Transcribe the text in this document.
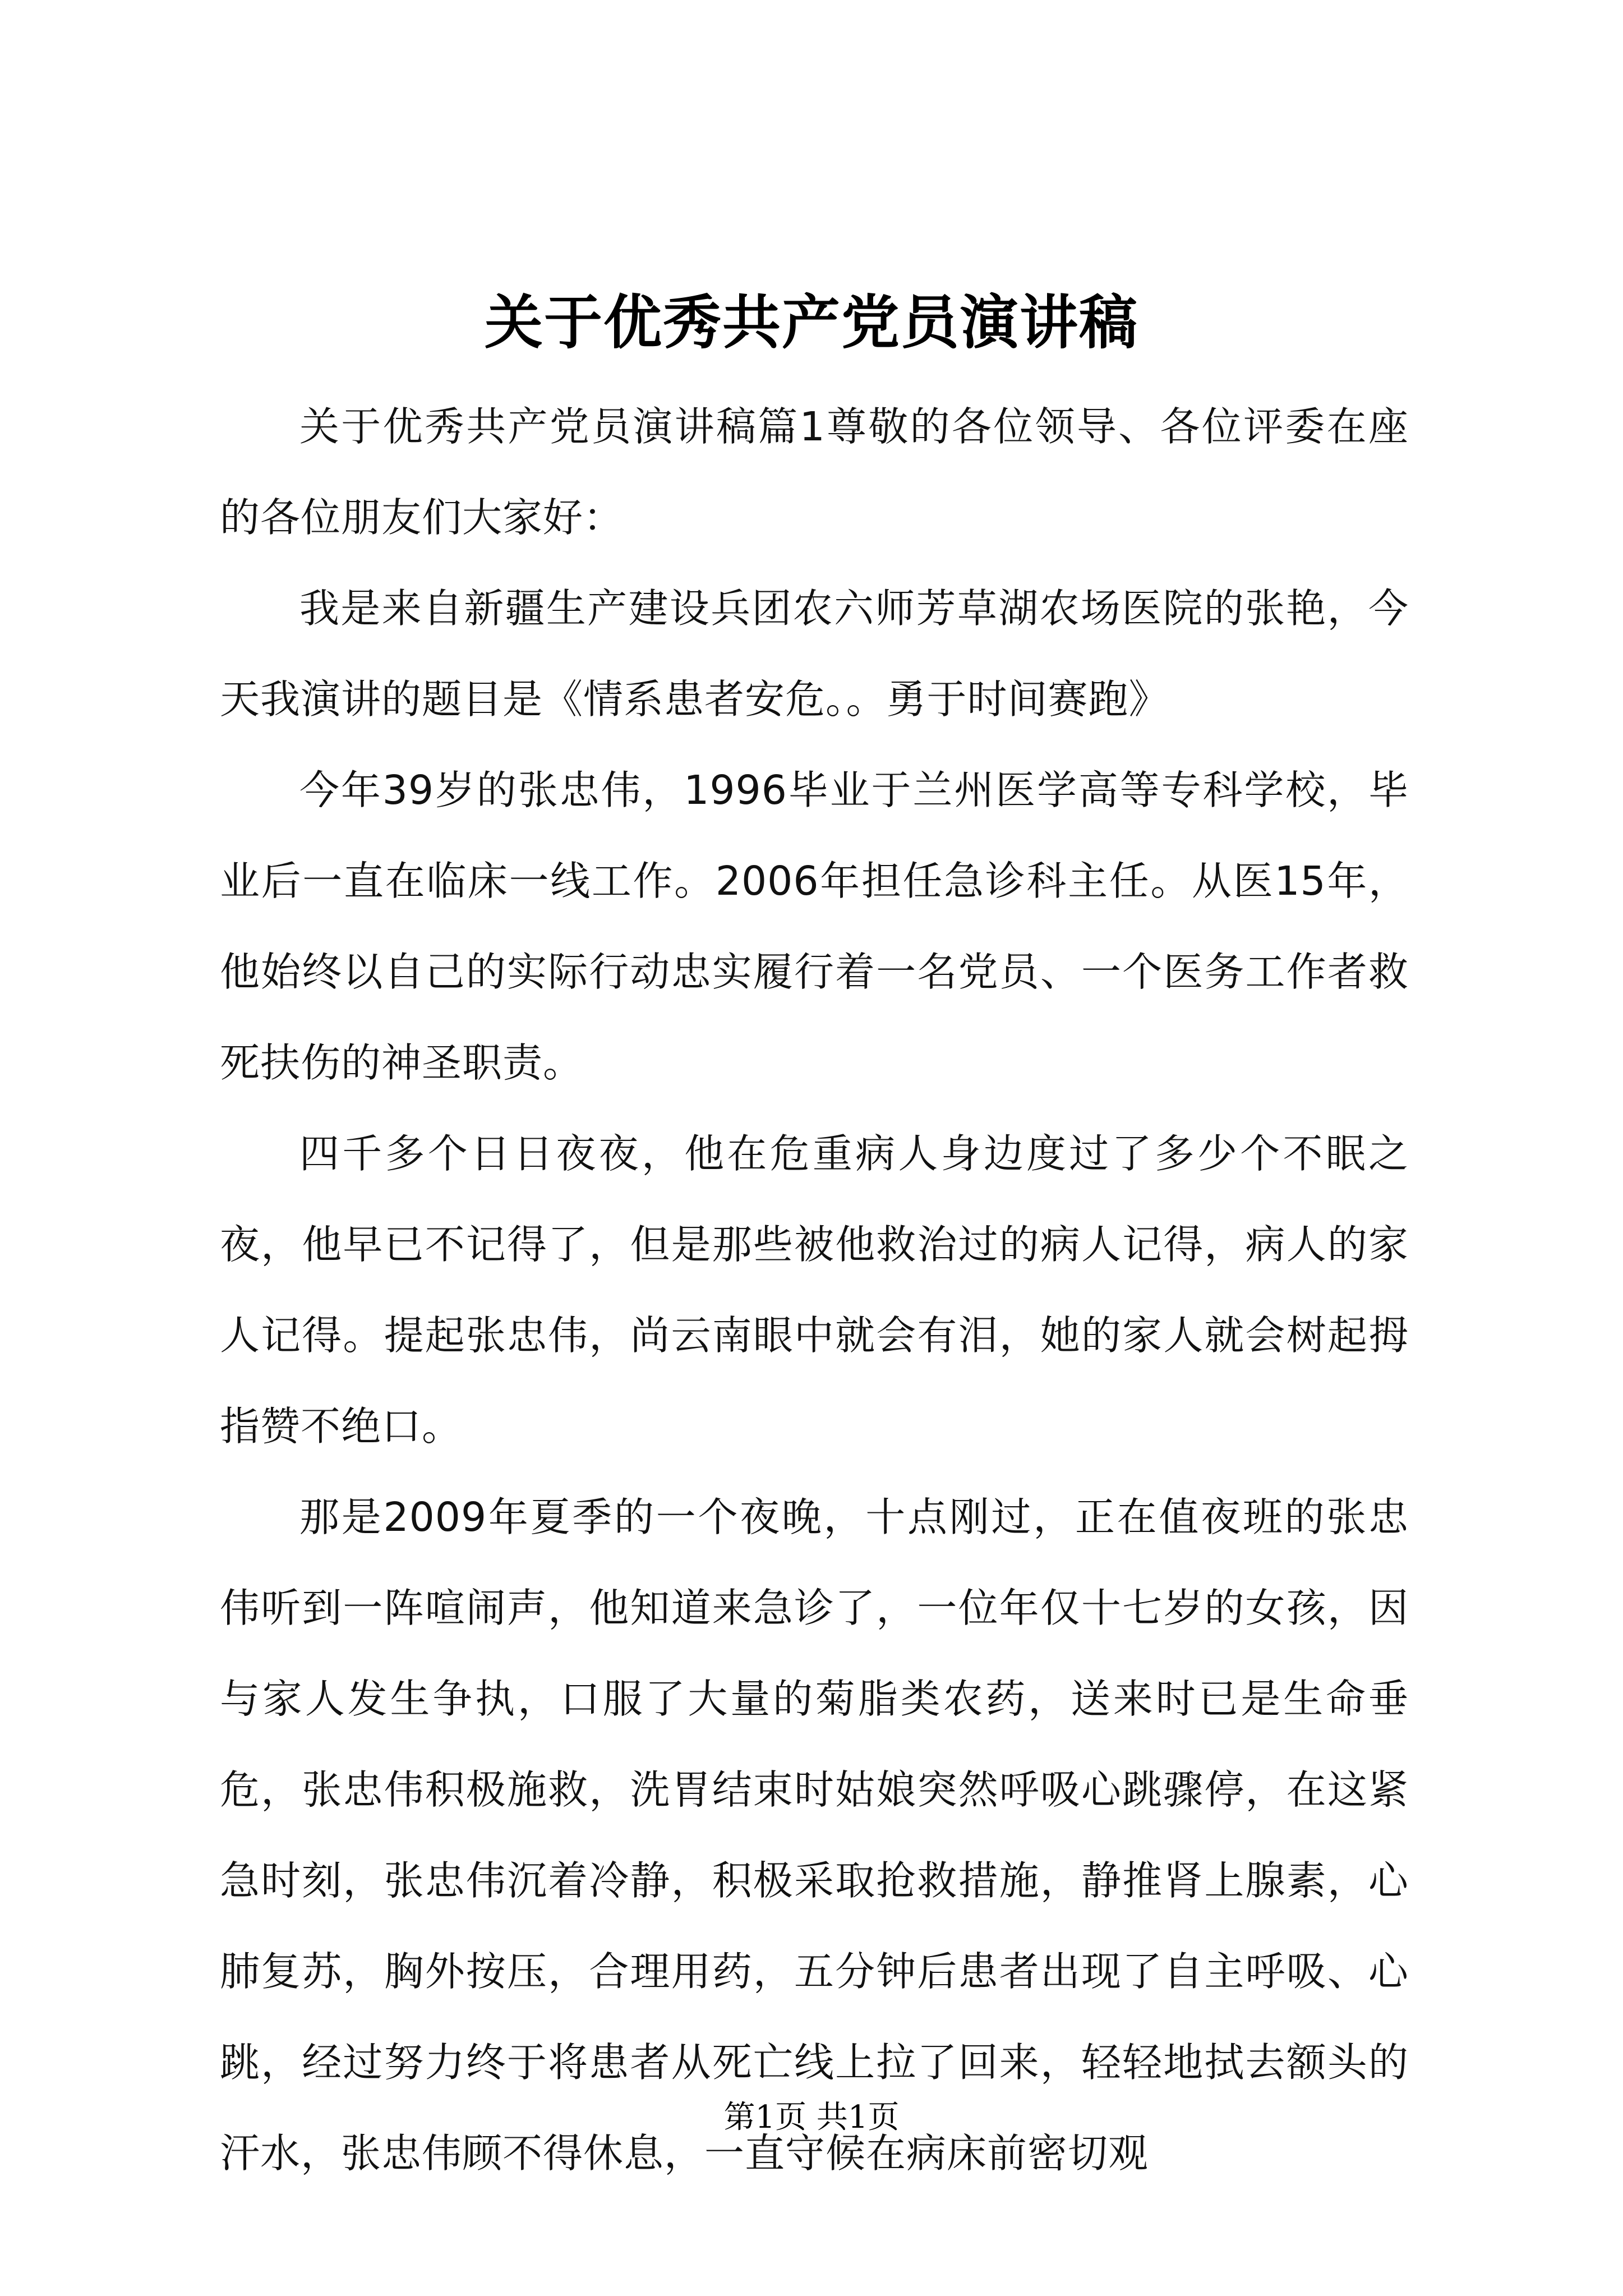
关于优秀共产党员演讲稿

关于优秀共产党员演讲稿篇1尊敬的各位领导、各位评委在座的各位朋友们大家好：

我是来自新疆生产建设兵团农六师芳草湖农场医院的张艳，今天我演讲的题目是《情系患者安危。。勇于时间赛跑》

今年39岁的张忠伟，1996毕业于兰州医学高等专科学校，毕业后一直在临床一线工作。2006年担任急诊科主任。从医15年，他始终以自己的实际行动忠实履行着一名党员、一个医务工作者救死扶伤的神圣职责。

四千多个日日夜夜，他在危重病人身边度过了多少个不眠之夜，他早已不记得了，但是那些被他救治过的病人记得，病人的家人记得。提起张忠伟，尚云南眼中就会有泪，她的家人就会树起拇指赞不绝口。

那是2009年夏季的一个夜晚，十点刚过，正在值夜班的张忠伟听到一阵喧闹声，他知道来急诊了，一位年仅十七岁的女孩，因与家人发生争执，口服了大量的菊脂类农药，送来时已是生命垂危，张忠伟积极施救，洗胃结束时姑娘突然呼吸心跳骤停，在这紧急时刻，张忠伟沉着冷静，积极采取抢救措施，静推肾上腺素，心肺复苏，胸外按压，合理用药，五分钟后患者出现了自主呼吸、心跳，经过努力终于将患者从死亡线上拉了回来，轻轻地拭去额头的汗水，张忠伟顾不得休息，一直守候在病床前密切观

第1页 共1页
